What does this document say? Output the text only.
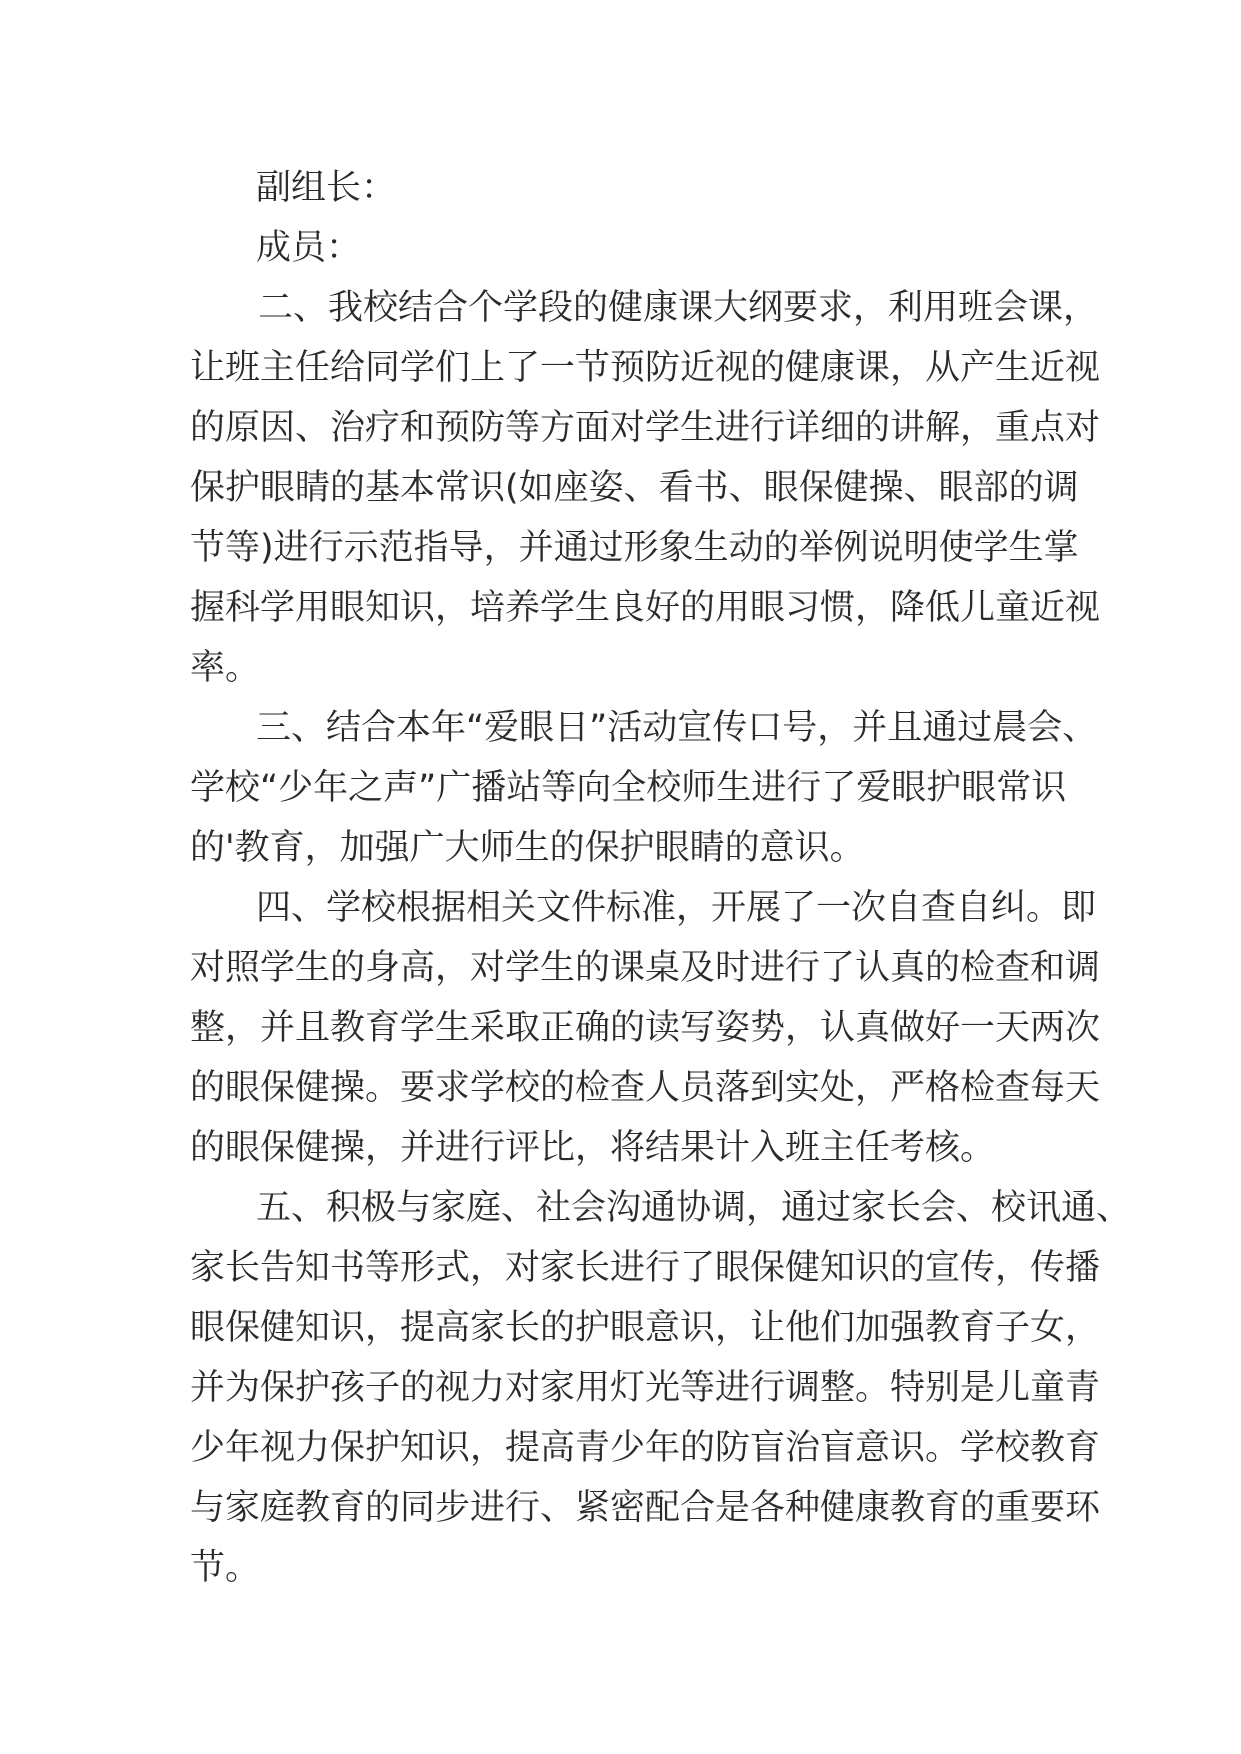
副组长：
成员：
二、我校结合个学段的健康课大纲要求，利用班会课，
让班主任给同学们上了一节预防近视的健康课，从产生近视
的原因、治疗和预防等方面对学生进行详细的讲解，重点对
保护眼睛的基本常识(如座姿、看书、眼保健操、眼部的调
节等)进行示范指导，并通过形象生动的举例说明使学生掌
握科学用眼知识，培养学生良好的用眼习惯，降低儿童近视
率。
三、结合本年“爱眼日”活动宣传口号，并且通过晨会、
学校“少年之声”广播站等向全校师生进行了爱眼护眼常识
的'教育，加强广大师生的保护眼睛的意识。
四、学校根据相关文件标准，开展了一次自查自纠。即
对照学生的身高，对学生的课桌及时进行了认真的检查和调
整，并且教育学生采取正确的读写姿势，认真做好一天两次
的眼保健操。要求学校的检查人员落到实处，严格检查每天
的眼保健操，并进行评比，将结果计入班主任考核。
五、积极与家庭、社会沟通协调，通过家长会、校讯通、
家长告知书等形式，对家长进行了眼保健知识的宣传，传播
眼保健知识，提高家长的护眼意识，让他们加强教育子女，
并为保护孩子的视力对家用灯光等进行调整。特别是儿童青
少年视力保护知识，提高青少年的防盲治盲意识。学校教育
与家庭教育的同步进行、紧密配合是各种健康教育的重要环
节。
